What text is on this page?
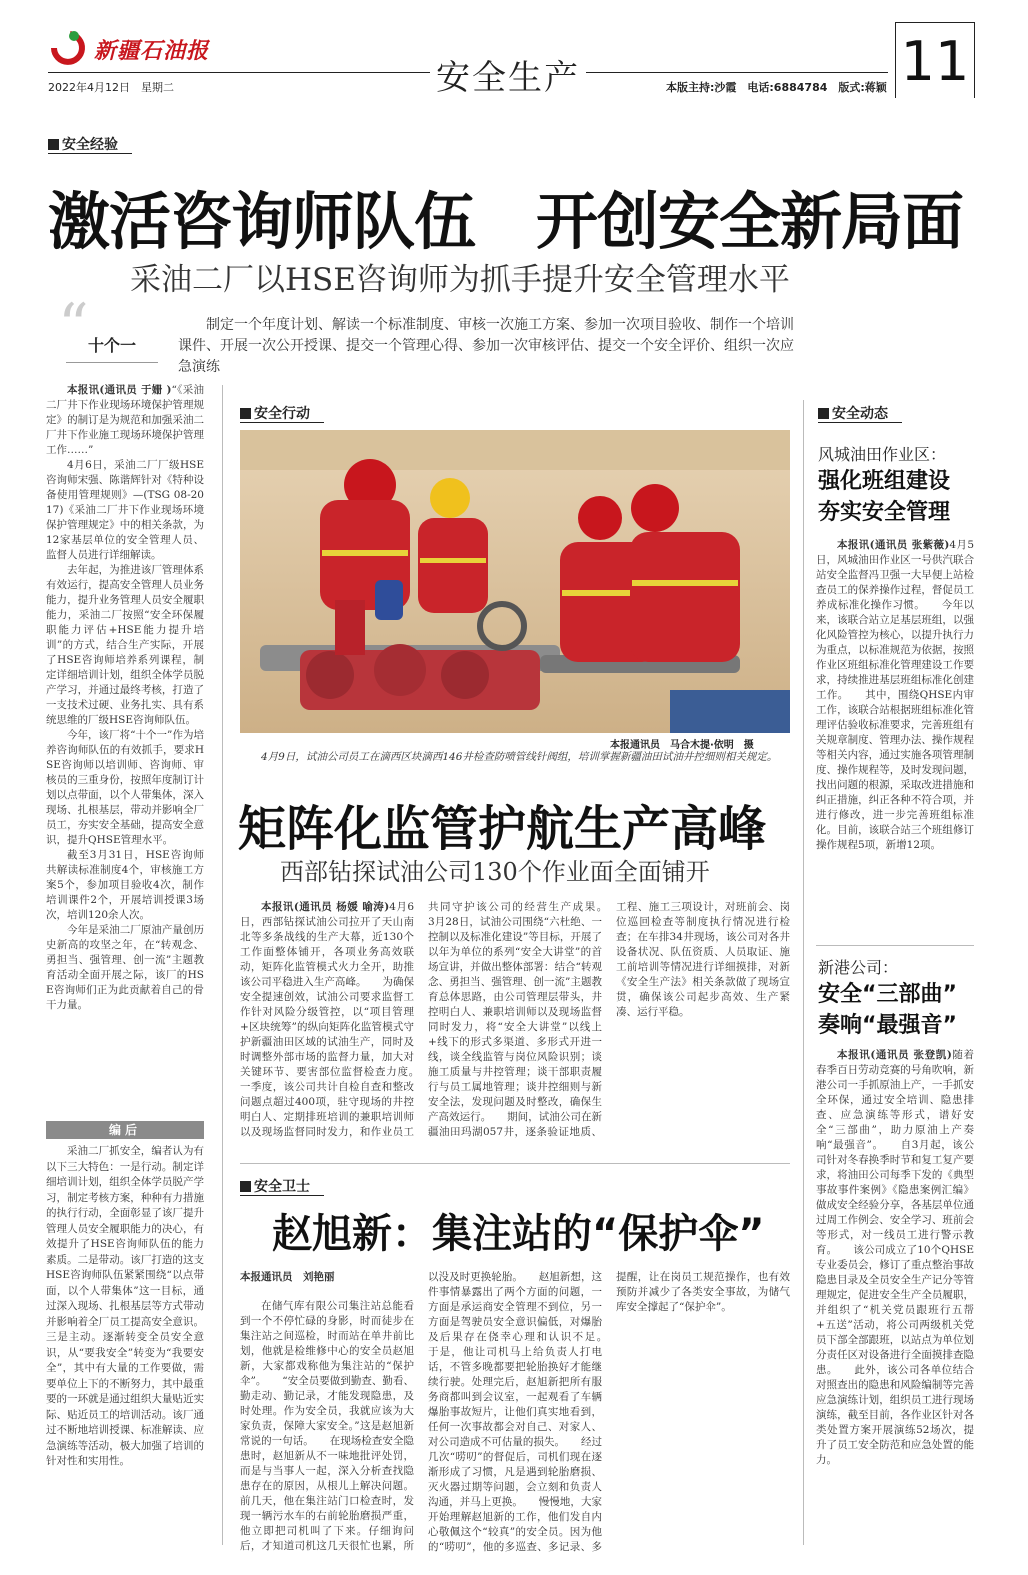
新疆石油报
2022年4月12日　星期二	安全生产	本版主持:沙霞　电话:6884784　版式:蒋颖 11
安全经验
激活咨询师队伍　开创安全新局面
采油二厂以HSE咨询师为抓手提升安全管理水平
“ 十个一
制定一个年度计划、解读一个标准制度、审核一次施工方案、参加一次项目验收、制作一个培训课件、开展一次公开授课、提交一个管理心得、参加一次审核评估、提交一个安全评价、组织一次应急演练

本报讯(通讯员 于姗 )“《采油二厂井下作业现场环境保护管理规定》的制订是为规范和加强采油二厂井下作业施工现场环境保护管理工作……”

4月6日，采油二厂厂级HSE咨询师宋强、陈谐辉针对《特种设备使用管理规则》—(TSG 08-2017)《采油二厂井下作业现场环境保护管理规定》中的相关条款，为12家基层单位的安全管理人员、监督人员进行详细解读。

去年起，为推进该厂管理体系有效运行，提高安全管理人员业务能力，提升业务管理人员安全履职能力，采油二厂按照“安全环保履职能力评估+HSE能力提升培训”的方式，结合生产实际，开展了HSE咨询师培养系列课程，制定详细培训计划，组织全体学员脱产学习，并通过最终考核，打造了一支技术过硬、业务扎实、具有系统思维的厂级HSE咨询师队伍。

今年，该厂将“十个一”作为培养咨询师队伍的有效抓手，要求HSE咨询师以培训师、咨询师、审核员的三重身份，按照年度制订计划以点带面，以个人带集体，深入现场、扎根基层，带动并影响全厂员工，夯实安全基础，提高安全意识，提升QHSE管理水平。

截至3月31日，HSE咨询师共解读标准制度4个，审核施工方案5个，参加项目验收4次，制作培训课件2个，开展培训授课3场次，培训120余人次。

今年是采油二厂原油产量创历史新高的攻坚之年，在“转观念、勇担当、强管理、创一流”主题教育活动全面开展之际，该厂的HSE咨询师们正为此贡献着自己的骨干力量。

编后
采油二厂抓安全，编者认为有以下三大特色：一是行动。制定详细培训计划，组织全体学员脱产学习，制定考核方案，种种有力措施的执行行动，全面彰显了该厂提升管理人员安全履职能力的决心，有效提升了HSE咨询师队伍的能力素质。二是带动。该厂打造的这支HSE咨询师队伍紧紧围绕“以点带面，以个人带集体”这一目标，通过深入现场、扎根基层等方式带动并影响着全厂员工提高安全意识。三是主动。逐渐转变全员安全意识，从“要我安全”转变为“我要安全”，其中有大量的工作要做，需要单位上下的不断努力，其中最重要的一环就是通过组织大量贴近实际、贴近员工的培训活动。该厂通过不断地培训授课、标准解读、应急演练等活动，极大加强了培训的针对性和实用性。
安全行动
本报通讯员　马合木提·依明　摄
4月9日，试油公司员工在滴西区块滴西146井检查防喷管线针阀组，培训掌握新疆油田试油井控细则相关规定。
矩阵化监管护航生产高峰
西部钻探试油公司130个作业面全面铺开

本报讯(通讯员 杨媛 喻涛)4月6日，西部钻探试油公司拉开了天山南北等多条战线的生产大幕，近130个工作面整体铺开，各项业务高效联动，矩阵化监管模式火力全开，助推该公司平稳进入生产高峰。　　为确保安全提速创效，试油公司要求监督工作针对风险分级管控，以“项目管理+区块统筹”的纵向矩阵化监管模式守护新疆油田区域的试油生产，同时及时调整外部市场的监督力量，加大对关键环节、要害部位监督检查力度。　　一季度，该公司共计自检自查和整改问题点超过400项，驻守现场的井控明白人、定期排班培训的兼职培训师以及现场监督同时发力，和作业员工共同守护该公司的经营生产成果。　　3月28日，试油公司围绕“六杜绝、一控制以及标准化建设”等目标，开展了以年为单位的系列“安全大讲堂”的首场宣讲，并做出整体部署：结合“转观念、勇担当、强管理、创一流”主题教育总体思路，由公司管理层带头，井控明白人、兼职培训师以及现场监督同时发力，将“安全大讲堂”以线上+线下的形式多渠道、多形式开进一线，谈全线监管与岗位风险识别；谈施工质量与井控管理；谈干部职责履行与员工属地管理；谈井控细则与新安全法，发现问题及时整改，确保生产高效运行。　　期间，试油公司在新疆油田玛湖057井，逐条验证地质、工程、施工三项设计，对班前会、岗位巡回检查等制度执行情况进行检查；在车排34井现场，该公司对各井设备状况、队伍资质、人员取证、施工前培训等情况进行详细摸排，对新《安全生产法》相关条款做了现场宣贯，确保该公司起步高效、生产紧凑、运行平稳。

安全卫士
赵旭新：集注站的“保护伞”
本报通讯员　刘艳丽

在储气库有限公司集注站总能看到一个不停忙碌的身影，时而徒步在集注站之间巡检，时而站在单井前比划，他就是检维修中心的安全员赵旭新，大家都戏称他为集注站的“保护伞”。　　“安全员要做到勤查、勤看、勤走动、勤记录，才能发现隐患，及时处理。作为安全员，我就应该为大家负责，保障大家安全。”这是赵旭新常说的一句话。　　在现场检查安全隐患时，赵旭新从不一味地批评处罚，而是与当事人一起，深入分析查找隐患存在的原因，从根儿上解决问题。前几天，他在集注站门口检查时，发现一辆污水车的右前轮胎磨损严重，他立即把司机叫了下来。仔细询问后，才知道司机这几天很忙也累，所以没及时更换轮胎。　　赵旭新想，这件事情暴露出了两个方面的问题，一方面是承运商安全管理不到位，另一方面是驾驶员安全意识偏低，对爆胎及后果存在侥幸心理和认识不足。　　于是，他让司机马上给负责人打电话，不管多晚都要把轮胎换好才能继续行驶。处理完后，赵旭新把所有服务商都叫到会议室，一起观看了车辆爆胎事故短片，让他们真实地看到，任何一次事故都会对自己、对家人、对公司造成不可估量的损失。　　经过几次“唠叨”的督促后，司机们现在逐渐形成了习惯，凡是遇到轮胎磨损、灭火器过期等问题，会立刻和负责人沟通，并马上更换。　　慢慢地，大家开始理解赵旭新的工作，他们发自内心敬佩这个“较真”的安全员。因为他的“唠叨”，他的多巡查、多记录、多提醒，让在岗员工规范操作，也有效预防并减少了各类安全事故，为储气库安全撑起了“保护伞”。

安全动态
风城油田作业区：
强化班组建设
夯实安全管理

本报讯(通讯员 张紫薇)4月5日，风城油田作业区一号供汽联合站安全监督冯卫强一大早便上站检查员工的保养操作过程，督促员工养成标准化操作习惯。　　今年以来，该联合站立足基层班组，以强化风险管控为核心，以提升执行力为重点，以标准规范为依据，按照作业区班组标准化管理建设工作要求，持续推进基层班组标准化创建工作。　　其中，围绕QHSE内审工作，该联合站根据班组标准化管理评估验收标准要求，完善班组有关规章制度、管理办法、操作规程等相关内容，通过实施各项管理制度、操作规程等，及时发现问题，找出问题的根源，采取改进措施和纠正措施，纠正各种不符合项，并进行修改，进一步完善班组标准化。目前，该联合站三个班组修订操作规程5项，新增12项。

新港公司：
安全“三部曲”
奏响“最强音”

本报讯(通讯员 张登凯)随着春季百日劳动竞赛的号角吹响，新港公司一手抓原油上产，一手抓安全环保，通过安全培训、隐患排查、应急演练等形式，谱好安全“三部曲”，助力原油上产奏响“最强音”。　　自3月起，该公司针对冬春换季时节和复工复产要求，将油田公司每季下发的《典型事故事件案例》《隐患案例汇编》做成安全经验分享，各基层单位通过周工作例会、安全学习、班前会等形式，对一线员工进行警示教育。　　该公司成立了10个QHSE专业委员会，修订了重点整治事故隐患目录及全员安全生产记分等管理规定，促进安全生产全员履职，并组织了“机关党员跟班行五帮+五送”活动，将公司两级机关党员下部全部跟班，以站点为单位划分责任区对设备进行全面摸排查隐患。　　此外，该公司各单位结合对照查出的隐患和风险编制等完善应急演练计划，组织员工进行现场演练，截至目前，各作业区针对各类处置方案开展演练52场次，提升了员工安全防范和应急处置的能力。
